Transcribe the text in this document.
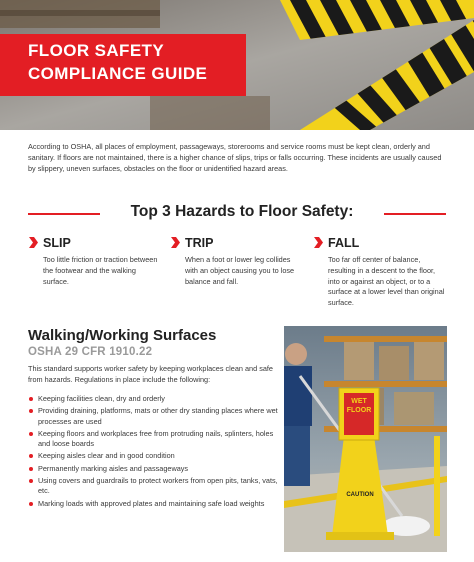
FLOOR SAFETY
COMPLIANCE GUIDE

According to OSHA, all places of employment, passageways, storerooms and service rooms must be kept clean, orderly and sanitary. If floors are not maintained, there is a higher chance of slips, trips or falls occurring. These incidents are usually caused by slippery, uneven surfaces, obstacles on the floor or unidentified hazard areas.

Top 3 Hazards to Floor Safety:
SLIP
Too little friction or traction between the footwear and the walking surface.
TRIP
When a foot or lower leg collides with an object causing you to lose balance and fall.
FALL
Too far off center of balance, resulting in a descent to the floor, into or against an object, or to a surface at a lower level than original surface.
Walking/Working Surfaces
OSHA 29 CFR 1910.22

This standard supports worker safety by keeping workplaces clean and safe from hazards. Regulations in place include the following:

Keeping facilities clean, dry and orderly
Providing draining, platforms, mats or other dry standing places where wet processes are used
Keeping floors and workplaces free from protruding nails, splinters, holes and loose boards
Keeping aisles clear and in good condition
Permanently marking aisles and passageways
Using covers and guardrails to protect workers from open pits, tanks, vats, etc.
Marking loads with approved plates and maintaining safe load weights
WET
FLOOR
CAUTION
